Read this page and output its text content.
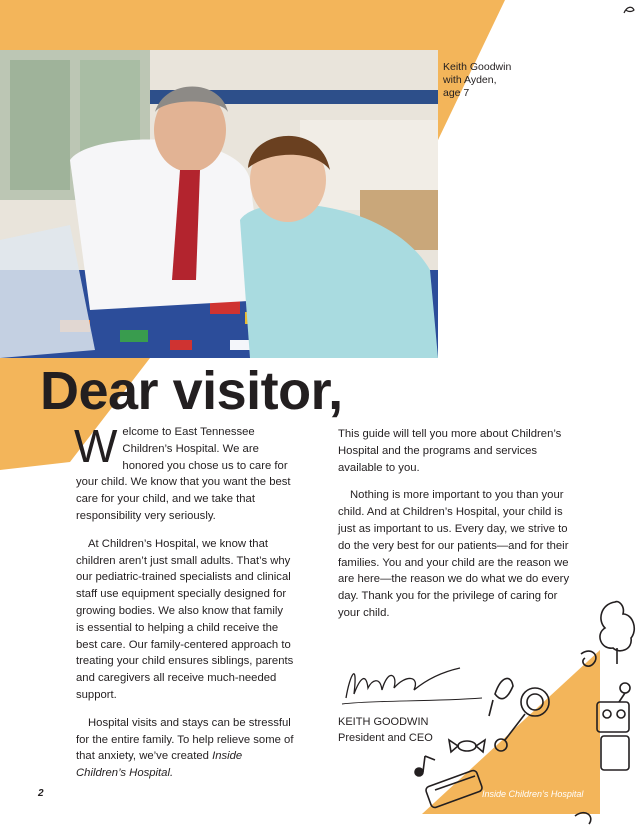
Keith Goodwin
with Ayden,
age 7
Dear visitor,

Welcome to East Tennessee Children’s Hospital. We are honored you chose us to care for your child. We know that you want the best care for your child, and we take that responsibility very seriously.

At Children’s Hospital, we know that children aren’t just small adults. That’s why our pediatric-trained specialists and clinical staff use equipment specially designed for growing bodies. We also know that family is essential to helping a child receive the best care. Our family-centered approach to treating your child ensures siblings, parents and caregivers all receive much-needed support.

Hospital visits and stays can be stressful for the entire family. To help relieve some of that anxiety, we’ve created Inside Children’s Hospital.

This guide will tell you more about Children’s Hospital and the programs and services available to you.

Nothing is more important to you than your child. And at Children’s Hospital, your child is just as important to us. Every day, we strive to do the very best for our patients—and for their families. You and your child are the reason we are here—the reason we do what we do every day. Thank you for the privilege of caring for your child.

KEITH GOODWIN
President and CEO
2	Inside Children’s Hospital
